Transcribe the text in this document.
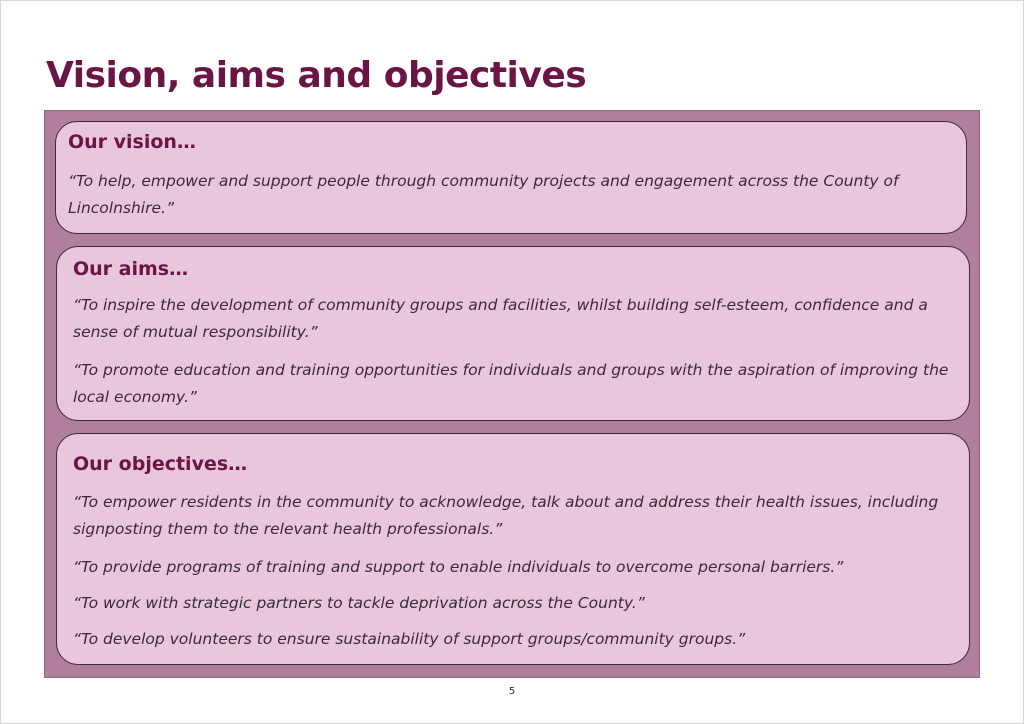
Vision, aims and objectives
Our vision…

“To help, empower and support people through community projects and engagement across the County of Lincolnshire.”

Our aims…

“To inspire the development of community groups and facilities, whilst building self-esteem, confidence and a sense of mutual responsibility.”

“To promote education and training opportunities for individuals and groups with the aspiration of improving the local economy.”

Our objectives…

“To empower residents in the community to acknowledge, talk about and address their health issues, including signposting them to the relevant health professionals.”

“To provide programs of training and support to enable individuals to overcome personal barriers.”

“To work with strategic partners to tackle deprivation across the County.”

“To develop volunteers to ensure sustainability of support groups/community groups.”

5
